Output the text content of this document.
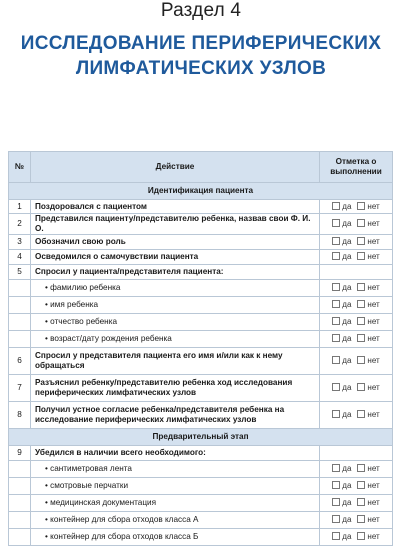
Раздел 4
ИССЛЕДОВАНИЕ ПЕРИФЕРИЧЕСКИХ
ЛИМФАТИЧЕСКИХ УЗЛОВ
№	Действие	Отметка о выполнении
Идентификация пациента		
1	Поздоровался с пациентом	да нет
2	Представился пациенту/представителю ребенка, назвав свои Ф. И. О.	да нет
3	Обозначил свою роль	да нет
4	Осведомился о самочувствии пациента	да нет
5	Спросил у пациента/представителя пациента:	
	• фамилию ребенка	да нет
	• имя ребенка	да нет
	• отчество ребенка	да нет
	• возраст/дату рождения ребенка	да нет
6	Спросил у представителя пациента его имя и/или как к нему обращаться	да нет
7	Разъяснил ребенку/представителю ребенка ход исследования периферических лимфатических узлов	да нет
8	Получил устное согласие ребенка/представителя ребенка на исследование периферических лимфатических узлов	да нет
Предварительный этап		
9	Убедился в наличии всего необходимого:	
	• сантиметровая лента	да нет
	• смотровые перчатки	да нет
	• медицинская документация	да нет
	• контейнер для сбора отходов класса А	да нет
	• контейнер для сбора отходов класса Б	да нет
